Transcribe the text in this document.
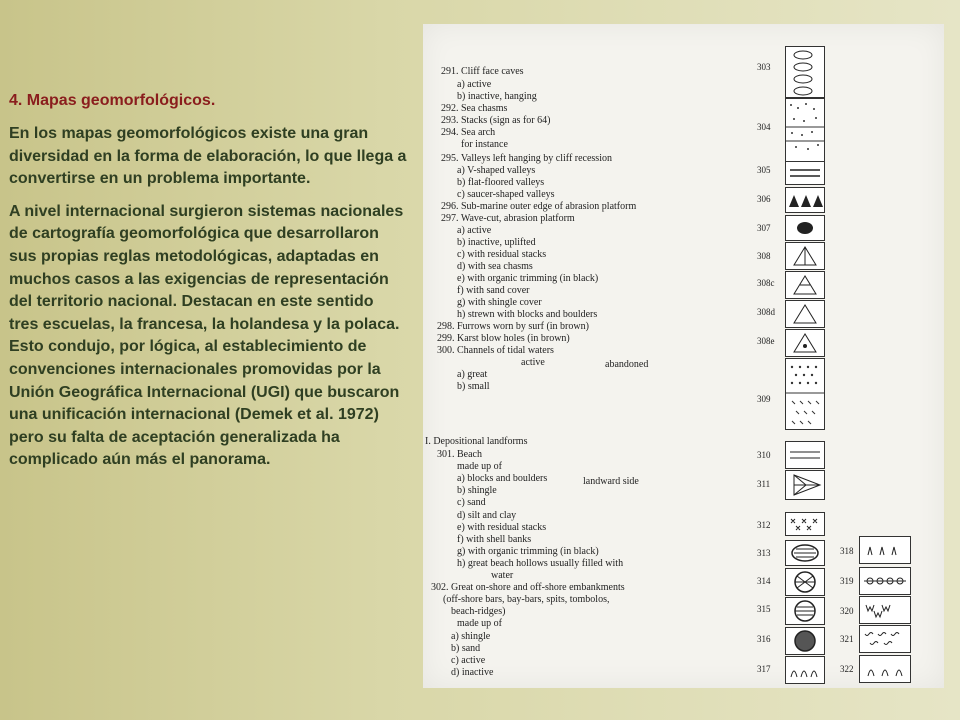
4. Mapas geomorfológicos.
En los mapas geomorfológicos existe una gran diversidad en la forma de elaboración, lo que llega a convertirse en un problema importante.
A nivel internacional surgieron sistemas nacionales de cartografía geomorfológica que desarrollaron sus propias reglas metodológicas, adaptadas en muchos casos a las exigencias de representación del territorio nacional. Destacan en este sentido tres escuelas, la francesa, la holandesa y la polaca.
Esto condujo, por lógica, al establecimiento de convenciones internacionales promovidas por la Unión Geográfica Internacional (UGI) que buscaron una unificación internacional (Demek et al. 1972) pero su falta de aceptación generalizada ha complicado aún más el panorama.
291. Cliff face caves
a) active
b) inactive, hanging
292. Sea chasms
293. Stacks (sign as for 64)
294. Sea arch
for instance
295. Valleys left hanging by cliff recession
a) V-shaped valleys
b) flat-floored valleys
c) saucer-shaped valleys
296. Sub-marine outer edge of abrasion platform
297. Wave-cut, abrasion platform
a) active
b) inactive, uplifted
c) with residual stacks
d) with sea chasms
e) with organic trimming (in black)
f) with sand cover
g) with shingle cover
h) strewn with blocks and boulders
298. Furrows worn by surf (in brown)
299. Karst blow holes (in brown)
300. Channels of tidal waters
active	abandoned
a) great
b) small
I. Depositional landforms
301. Beach
made up of
a) blocks and boulders	landward side
b) shingle
c) sand
d) silt and clay
e) with residual stacks
f) with shell banks
g) with organic trimming (in black)
h) great beach hollows usually filled with
water
302. Great on-shore and off-shore embankments
(off-shore bars, bay-bars, spits, tombolos,
beach-ridges)
made up of
a) shingle
b) sand
c) active
d) inactive
303
304
305
306
307
308
308c
308d
308e
309
310
311
312
313
314
315
316
317
318
319
320
321
322
